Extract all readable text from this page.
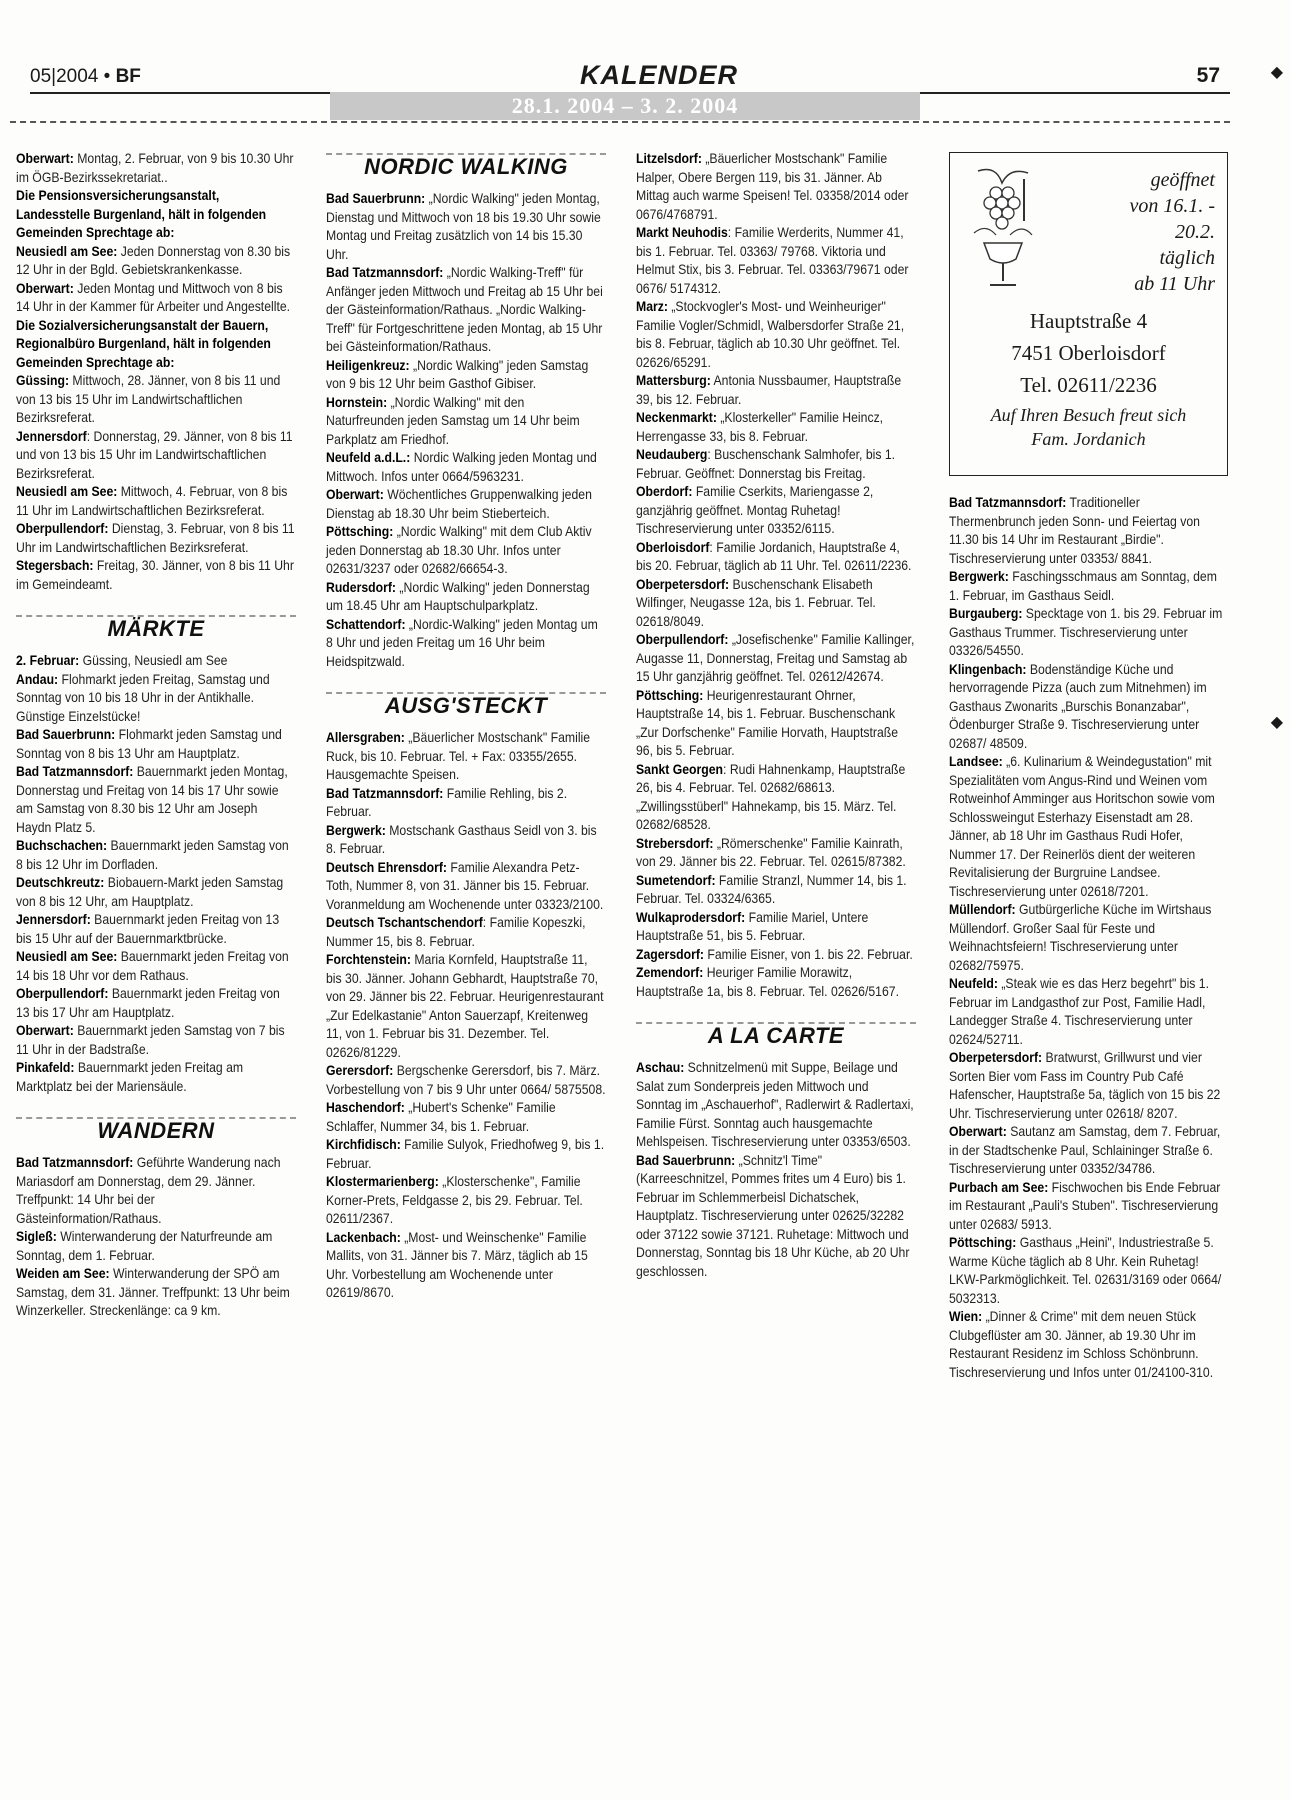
05|2004 • BF	KALENDER	57
28.1. 2004 – 3. 2. 2004
geöffnet
von 16.1. -
20.2.
täglich
ab 11 Uhr
Hauptstraße 4
7451 Oberloisdorf
Tel. 02611/2236
Auf Ihren Besuch freut sich
Fam. Jordanich

Oberwart: Montag, 2. Februar, von 9 bis 10.30 Uhr im ÖGB-Bezirkssekretariat..

Die Pensionsversicherungsanstalt, Landesstelle Burgenland, hält in folgenden Gemeinden Sprechtage ab:

Neusiedl am See: Jeden Donnerstag von 8.30 bis 12 Uhr in der Bgld. Gebietskrankenkasse.

Oberwart: Jeden Montag und Mittwoch von 8 bis 14 Uhr in der Kammer für Arbeiter und Angestellte.

Die Sozialversicherungsanstalt der Bauern, Regionalbüro Burgenland, hält in folgenden Gemeinden Sprechtage ab:

Güssing: Mittwoch, 28. Jänner, von 8 bis 11 und von 13 bis 15 Uhr im Landwirtschaftlichen Bezirksreferat.

Jennersdorf: Donnerstag, 29. Jänner, von 8 bis 11 und von 13 bis 15 Uhr im Landwirtschaftlichen Bezirksreferat.

Neusiedl am See: Mittwoch, 4. Februar, von 8 bis 11 Uhr im Landwirtschaftlichen Bezirksreferat.

Oberpullendorf: Dienstag, 3. Februar, von 8 bis 11 Uhr im Landwirtschaftlichen Bezirksreferat.

Stegersbach: Freitag, 30. Jänner, von 8 bis 11 Uhr im Gemeindeamt.

MÄRKTE

2. Februar: Güssing, Neusiedl am See

Andau: Flohmarkt jeden Freitag, Samstag und Sonntag von 10 bis 18 Uhr in der Antikhalle. Günstige Einzelstücke!

Bad Sauerbrunn: Flohmarkt jeden Samstag und Sonntag von 8 bis 13 Uhr am Hauptplatz.

Bad Tatzmannsdorf: Bauernmarkt jeden Montag, Donnerstag und Freitag von 14 bis 17 Uhr sowie am Samstag von 8.30 bis 12 Uhr am Joseph Haydn Platz 5.

Buchschachen: Bauernmarkt jeden Samstag von 8 bis 12 Uhr im Dorfladen.

Deutschkreutz: Biobauern-Markt jeden Samstag von 8 bis 12 Uhr, am Hauptplatz.

Jennersdorf: Bauernmarkt jeden Freitag von 13 bis 15 Uhr auf der Bauernmarktbrücke.

Neusiedl am See: Bauernmarkt jeden Freitag von 14 bis 18 Uhr vor dem Rathaus.

Oberpullendorf: Bauernmarkt jeden Freitag von 13 bis 17 Uhr am Hauptplatz.

Oberwart: Bauernmarkt jeden Samstag von 7 bis 11 Uhr in der Badstraße.

Pinkafeld: Bauernmarkt jeden Freitag am Marktplatz bei der Mariensäule.

WANDERN

Bad Tatzmannsdorf: Geführte Wanderung nach Mariasdorf am Donnerstag, dem 29. Jänner. Treffpunkt: 14 Uhr bei der Gästeinformation/Rathaus.

Sigleß: Winterwanderung der Naturfreunde am Sonntag, dem 1. Februar.

Weiden am See: Winterwanderung der SPÖ am Samstag, dem 31. Jänner. Treffpunkt: 13 Uhr beim Winzerkeller. Streckenlänge: ca 9 km.

NORDIC WALKING

Bad Sauerbrunn: „Nordic Walking" jeden Montag, Dienstag und Mittwoch von 18 bis 19.30 Uhr sowie Montag und Freitag zusätzlich von 14 bis 15.30 Uhr.

Bad Tatzmannsdorf: „Nordic Walking-Treff" für Anfänger jeden Mittwoch und Freitag ab 15 Uhr bei der Gästeinformation/Rathaus. „Nordic Walking-Treff" für Fortgeschrittene jeden Montag, ab 15 Uhr bei Gästeinformation/Rathaus.

Heiligenkreuz: „Nordic Walking" jeden Samstag von 9 bis 12 Uhr beim Gasthof Gibiser.

Hornstein: „Nordic Walking" mit den Naturfreunden jeden Samstag um 14 Uhr beim Parkplatz am Friedhof.

Neufeld a.d.L.: Nordic Walking jeden Montag und Mittwoch. Infos unter 0664/5963231.

Oberwart: Wöchentliches Gruppenwalking jeden Dienstag ab 18.30 Uhr beim Stieberteich.

Pöttsching: „Nordic Walking" mit dem Club Aktiv jeden Donnerstag ab 18.30 Uhr. Infos unter 02631/3237 oder 02682/66654-3.

Rudersdorf: „Nordic Walking" jeden Donnerstag um 18.45 Uhr am Hauptschulparkplatz.

Schattendorf: „Nordic-Walking" jeden Montag um 8 Uhr und jeden Freitag um 16 Uhr beim Heidspitzwald.

AUSG'STECKT

Allersgraben: „Bäuerlicher Mostschank" Familie Ruck, bis 10. Februar. Tel. + Fax: 03355/2655. Hausgemachte Speisen.

Bad Tatzmannsdorf: Familie Rehling, bis 2. Februar.

Bergwerk: Mostschank Gasthaus Seidl von 3. bis 8. Februar.

Deutsch Ehrensdorf: Familie Alexandra Petz-Toth, Nummer 8, von 31. Jänner bis 15. Februar. Voranmeldung am Wochenende unter 03323/2100.

Deutsch Tschantschendorf: Familie Kopeszki, Nummer 15, bis 8. Februar.

Forchtenstein: Maria Kornfeld, Hauptstraße 11, bis 30. Jänner. Johann Gebhardt, Hauptstraße 70, von 29. Jänner bis 22. Februar. Heurigenrestaurant „Zur Edelkastanie" Anton Sauerzapf, Kreitenweg 11, von 1. Februar bis 31. Dezember. Tel. 02626/81229.

Gerersdorf: Bergschenke Gerersdorf, bis 7. März. Vorbestellung von 7 bis 9 Uhr unter 0664/ 5875508.

Haschendorf: „Hubert's Schenke" Familie Schlaffer, Nummer 34, bis 1. Februar.

Kirchfidisch: Familie Sulyok, Friedhofweg 9, bis 1. Februar.

Klostermarienberg: „Klosterschenke", Familie Korner-Prets, Feldgasse 2, bis 29. Februar. Tel. 02611/2367.

Lackenbach: „Most- und Weinschenke" Familie Mallits, von 31. Jänner bis 7. März, täglich ab 15 Uhr. Vorbestellung am Wochenende unter 02619/8670.

Litzelsdorf: „Bäuerlicher Mostschank" Familie Halper, Obere Bergen 119, bis 31. Jänner. Ab Mittag auch warme Speisen! Tel. 03358/2014 oder 0676/4768791.

Markt Neuhodis: Familie Werderits, Nummer 41, bis 1. Februar. Tel. 03363/ 79768. Viktoria und Helmut Stix, bis 3. Februar. Tel. 03363/79671 oder 0676/ 5174312.

Marz: „Stockvogler's Most- und Weinheuriger" Familie Vogler/Schmidl, Walbersdorfer Straße 21, bis 8. Februar, täglich ab 10.30 Uhr geöffnet. Tel. 02626/65291.

Mattersburg: Antonia Nussbaumer, Hauptstraße 39, bis 12. Februar.

Neckenmarkt: „Klosterkeller" Familie Heincz, Herrengasse 33, bis 8. Februar.

Neudauberg: Buschenschank Salmhofer, bis 1. Februar. Geöffnet: Donnerstag bis Freitag.

Oberdorf: Familie Cserkits, Mariengasse 2, ganzjährig geöffnet. Montag Ruhetag! Tischreservierung unter 03352/6115.

Oberloisdorf: Familie Jordanich, Hauptstraße 4, bis 20. Februar, täglich ab 11 Uhr. Tel. 02611/2236.

Oberpetersdorf: Buschenschank Elisabeth Wilfinger, Neugasse 12a, bis 1. Februar. Tel. 02618/8049.

Oberpullendorf: „Josefischenke" Familie Kallinger, Augasse 11, Donnerstag, Freitag und Samstag ab 15 Uhr ganzjährig geöffnet. Tel. 02612/42674.

Pöttsching: Heurigenrestaurant Ohrner, Hauptstraße 14, bis 1. Februar. Buschenschank „Zur Dorfschenke" Familie Horvath, Hauptstraße 96, bis 5. Februar.

Sankt Georgen: Rudi Hahnenkamp, Hauptstraße 26, bis 4. Februar. Tel. 02682/68613. „Zwillingsstüberl" Hahnekamp, bis 15. März. Tel. 02682/68528.

Strebersdorf: „Römerschenke" Familie Kainrath, von 29. Jänner bis 22. Februar. Tel. 02615/87382.

Sumetendorf: Familie Stranzl, Nummer 14, bis 1. Februar. Tel. 03324/6365.

Wulkaprodersdorf: Familie Mariel, Untere Hauptstraße 51, bis 5. Februar.

Zagersdorf: Familie Eisner, von 1. bis 22. Februar.

Zemendorf: Heuriger Familie Morawitz, Hauptstraße 1a, bis 8. Februar. Tel. 02626/5167.

A LA CARTE

Aschau: Schnitzelmenü mit Suppe, Beilage und Salat zum Sonderpreis jeden Mittwoch und Sonntag im „Aschauerhof", Radlerwirt & Radlertaxi, Familie Fürst. Sonntag auch hausgemachte Mehlspeisen. Tischreservierung unter 03353/6503.

Bad Sauerbrunn: „Schnitz'l Time" (Karreeschnitzel, Pommes frites um 4 Euro) bis 1. Februar im Schlemmerbeisl Dichatschek, Hauptplatz. Tischreservierung unter 02625/32282 oder 37122 sowie 37121. Ruhetage: Mittwoch und Donnerstag, Sonntag bis 18 Uhr Küche, ab 20 Uhr geschlossen.

Bad Tatzmannsdorf: Traditioneller Thermenbrunch jeden Sonn- und Feiertag von 11.30 bis 14 Uhr im Restaurant „Birdie". Tischreservierung unter 03353/ 8841.

Bergwerk: Faschingsschmaus am Sonntag, dem 1. Februar, im Gasthaus Seidl.

Burgauberg: Specktage von 1. bis 29. Februar im Gasthaus Trummer. Tischreservierung unter 03326/54550.

Klingenbach: Bodenständige Küche und hervorragende Pizza (auch zum Mitnehmen) im Gasthaus Zwonarits „Burschis Bonanzabar", Ödenburger Straße 9. Tischreservierung unter 02687/ 48509.

Landsee: „6. Kulinarium & Weindegustation" mit Spezialitäten vom Angus-Rind und Weinen vom Rotweinhof Amminger aus Horitschon sowie vom Schlossweingut Esterhazy Eisenstadt am 28. Jänner, ab 18 Uhr im Gasthaus Rudi Hofer, Nummer 17. Der Reinerlös dient der weiteren Revitalisierung der Burgruine Landsee. Tischreservierung unter 02618/7201.

Müllendorf: Gutbürgerliche Küche im Wirtshaus Müllendorf. Großer Saal für Feste und Weihnachtsfeiern! Tischreservierung unter 02682/75975.

Neufeld: „Steak wie es das Herz begehrt" bis 1. Februar im Landgasthof zur Post, Familie Hadl, Landegger Straße 4. Tischreservierung unter 02624/52711.

Oberpetersdorf: Bratwurst, Grillwurst und vier Sorten Bier vom Fass im Country Pub Café Hafenscher, Hauptstraße 5a, täglich von 15 bis 22 Uhr. Tischreservierung unter 02618/ 8207.

Oberwart: Sautanz am Samstag, dem 7. Februar, in der Stadtschenke Paul, Schlaininger Straße 6. Tischreservierung unter 03352/34786.

Purbach am See: Fischwochen bis Ende Februar im Restaurant „Pauli's Stuben". Tischreservierung unter 02683/ 5913.

Pöttsching: Gasthaus „Heini", Industriestraße 5. Warme Küche täglich ab 8 Uhr. Kein Ruhetag! LKW-Parkmöglichkeit. Tel. 02631/3169 oder 0664/ 5032313.

Wien: „Dinner & Crime" mit dem neuen Stück Clubgeflüster am 30. Jänner, ab 19.30 Uhr im Restaurant Residenz im Schloss Schönbrunn. Tischreservierung und Infos unter 01/24100-310.

◆
◆
